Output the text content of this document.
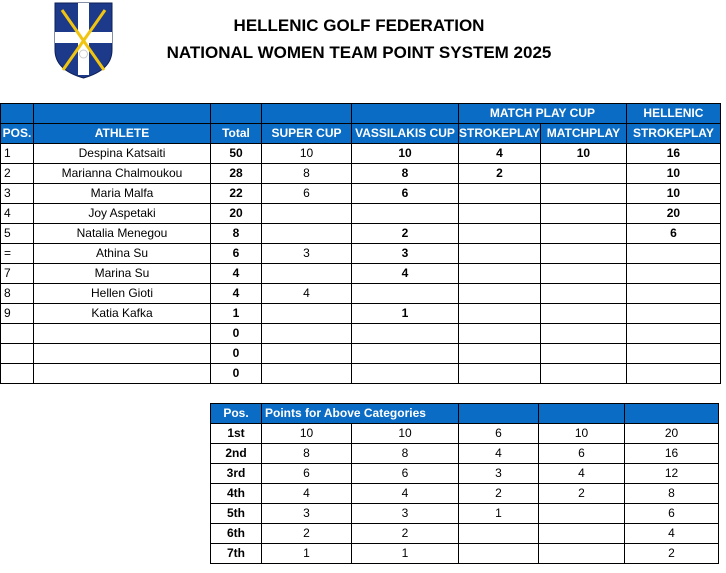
HELLENIC GOLF FEDERATION
NATIONAL WOMEN TEAM POINT SYSTEM 2025
					MATCH PLAY CUP		HELLENIC
POS.	ATHLETE	Total	SUPER CUP	VASSILAKIS CUP	STROKEPLAY	MATCHPLAY	STROKEPLAY
1	Despina Katsaiti	50	10	10	4	10	16
2	Marianna Chalmoukou	28	8	8	2		10
3	Maria Malfa	22	6	6			10
4	Joy Aspetaki	20					20
5	Natalia Menegou	8		2			6
=	Athina Su	6	3	3			
7	Marina Su	4		4			
8	Hellen Gioti	4	4				
9	Katia Kafka	1		1			
		0					
		0					
		0					
Pos.	Points for Above Categories				
1st	10	10	6	10	20
2nd	8	8	4	6	16
3rd	6	6	3	4	12
4th	4	4	2	2	8
5th	3	3	1		6
6th	2	2			4
7th	1	1			2
